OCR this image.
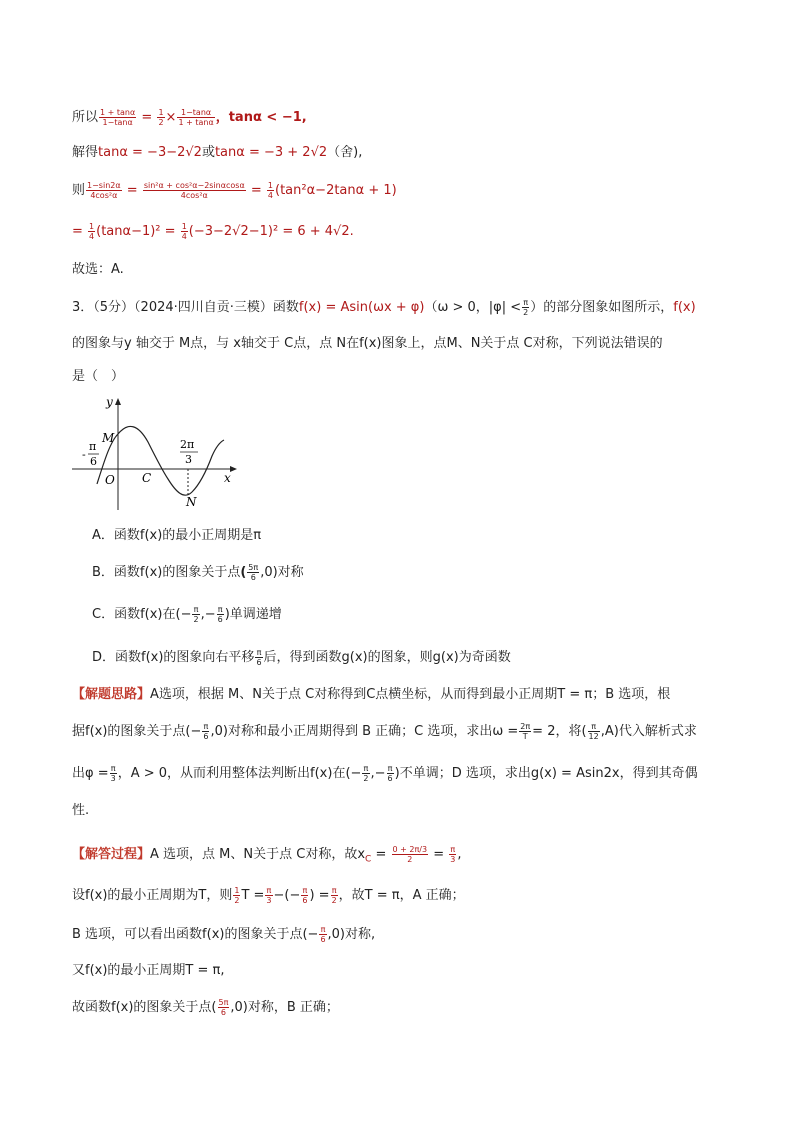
所以 $\frac{1 + \tan\alpha}{1-\tan\alpha} = \frac{1}{2} \times \frac{1-\tan\alpha}{1 + \tan\alpha}$ ，tanα < −1,
解得tanα = −3−2√2或tanα = −3 + 2√2（舍),
则 $\frac{1-\sin 2\alpha}{\text{4cos²α}} = \frac{\text{sin²α + cos²α−2sinαcosα}}{\text{4cos²α}} = \frac{1}{4} (\tan^2\alpha-2\tan\alpha + 1)$
= $\frac{1}{4} (\tan\alpha-1)^2 = \frac{1}{4} (-3-2√2-1)^2 = 6 + 4√2$.
故选：A.
3．（5分）（2024·四川自贡·三模）函数f(x) = Asin(ωx + φ)（ω > 0，$|\varphi| < \frac{\pi}{2}$ ）的部分图象如图所示，f(x)
的图象与y 轴交于 M点，与 x轴交于 C点，点 N在f(x)图象上，点M、N关于点 C对称，下列说法错误的
是（　）
y
x
O
M
C
N
-
π
6
2π
3
A．函数f(x)的最小正周期是π
B．函数f(x)的图象关于点( $\frac{5\pi}{6} ,0$)对称
C．函数f(x)在(− $\frac{\pi}{2}$ ,− $\frac{\pi}{6}$ )单调递增
D．函数f(x)的图象向右平移 $\frac{\pi}{6}$ 后，得到函数g(x)的图象，则g(x)为奇函数
【解题思路】A选项，根据 M、N关于点 C对称得到C点横坐标，从而得到最小正周期T = π；B 选项，根
据f(x)的图象关于点(− $\frac{\pi}{6} ,0$)对称和最小正周期得到 B 正确；C 选项，求出$\omega = \frac{2\pi}{T} = 2$，将( $\frac{\pi}{12} ,A$)代入解析式求
出$\varphi = \frac{\pi}{3}$ ，A > 0，从而利用整体法判断出f(x)在(− $\frac{\pi}{2}$ ,− $\frac{\pi}{6}$ )不单调；D 选项，求出g(x) = Asin2x，得到其奇偶
性.
【解答过程】A 选项，点 M、N关于点 C对称，故$x_C = \frac{0 + 2\pi/3}{2} = \frac{\pi}{3}$ ,
设f(x)的最小正周期为T，则 $\frac{1}{2}$ $T = \frac{\pi}{3}$ −(− $\frac{\pi}{6}$ ) = $\frac{\pi}{2}$ ，故T = π，A 正确；
B 选项，可以看出函数f(x)的图象关于点(− $\frac{\pi}{6} ,0$)对称,
又f(x)的最小正周期T = π,
故函数f(x)的图象关于点( $\frac{5\pi}{6} ,0$)对称，B 正确；
